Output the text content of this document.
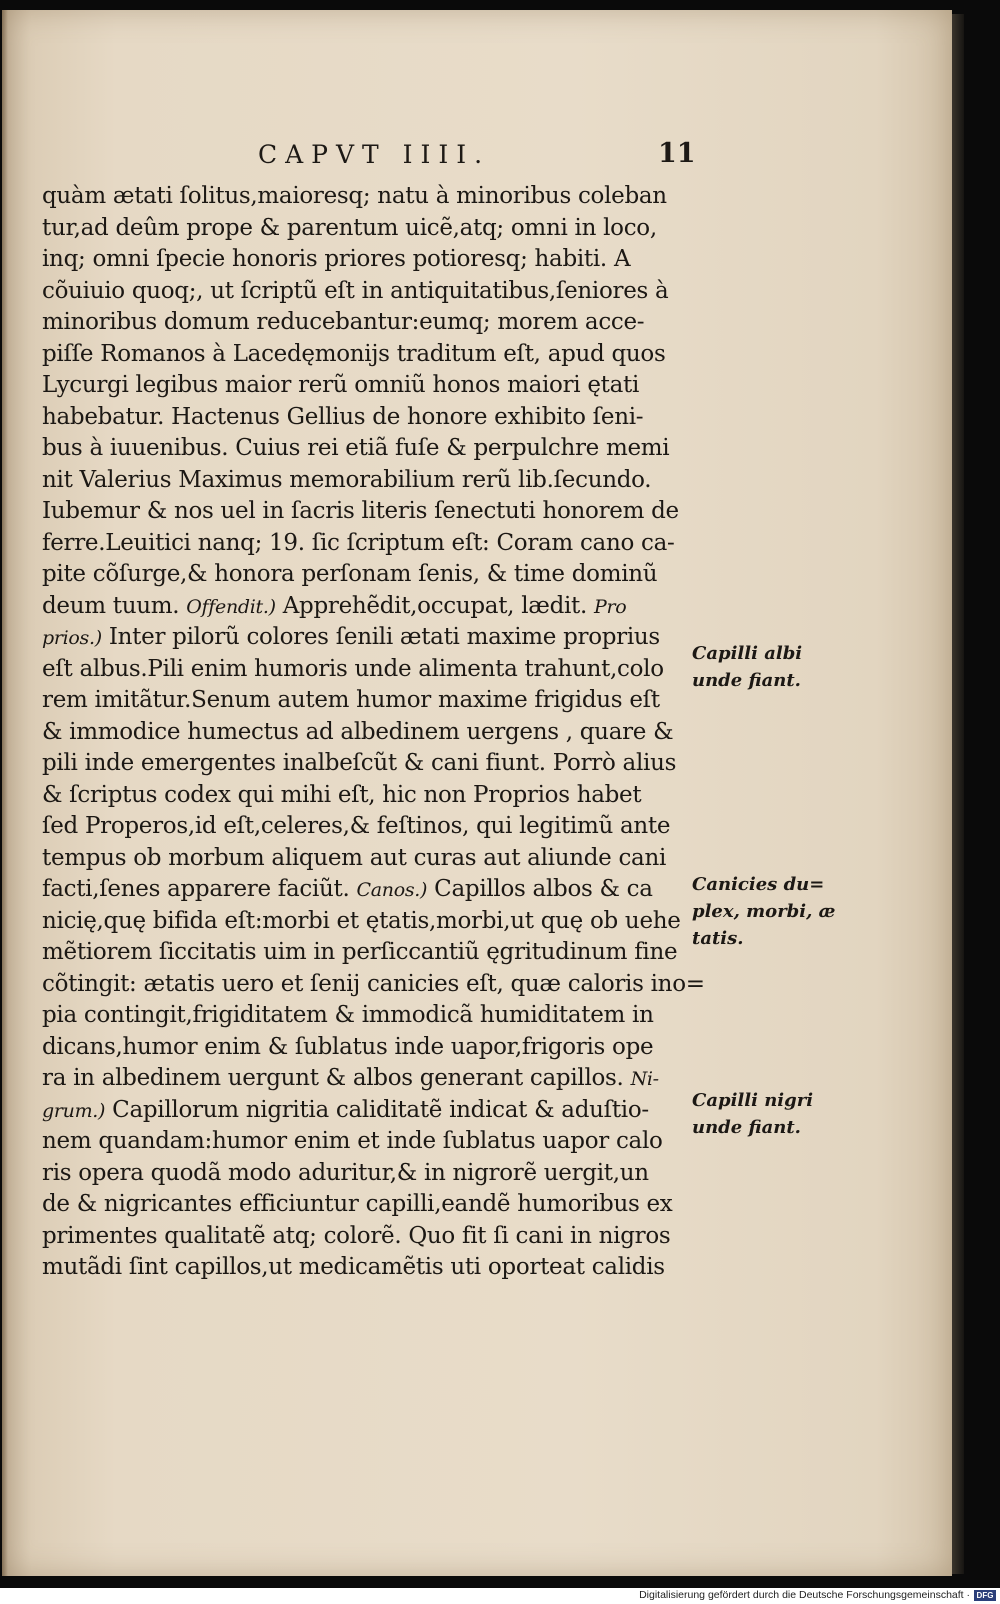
CAPVT IIII.	11
quàm ætati ſolitus,maioresq; natu à minoribus coleban
tur,ad deûm prope & parentum uicẽ,atq; omni in loco,
inq; omni ſpecie honoris priores potioresq; habiti. A
cõuiuio quoq;, ut ſcriptũ eſt in antiquitatibus,ſeniores à
minoribus domum reducebantur:eumq; morem acce-
piſſe Romanos à Lacedęmonijs traditum eſt, apud quos
Lycurgi legibus maior rerũ omniũ honos maiori ętati
habebatur. Hactenus Gellius de honore exhibito ſeni-
bus à iuuenibus. Cuius rei etiã fuſe & perpulchre memi
nit Valerius Maximus memorabilium rerũ lib.ſecundo.
Iubemur & nos uel in ſacris literis ſenectuti honorem de
ferre.Leuitici nanq; 19. ſic ſcriptum eſt: Coram cano ca-
pite cõſurge,& honora perſonam ſenis, & time dominũ
deum tuum. Offendit.) Apprehẽdit,occupat, lædit. Pro
prios.) Inter pilorũ colores ſenili ætati maxime proprius
eſt albus.Pili enim humoris unde alimenta trahunt,colo
rem imitãtur.Senum autem humor maxime frigidus eſt
& immodice humectus ad albedinem uergens , quare &
pili inde emergentes inalbeſcũt & cani fiunt. Porrò alius
& ſcriptus codex qui mihi eſt, hic non Proprios habet
ſed Properos,id eſt,celeres,& feſtinos, qui legitimũ ante
tempus ob morbum aliquem aut curas aut aliunde cani
facti,ſenes apparere faciũt. Canos.) Capillos albos & ca
nicię,quę bifida eſt:morbi et ętatis,morbi,ut quę ob uehe
mẽtiorem ſiccitatis uim in perſiccantiũ ęgritudinum fine
cõtingit: ætatis uero et ſenij canicies eſt, quæ caloris ino=
pia contingit,frigiditatem & immodicã humiditatem in
dicans,humor enim & ſublatus inde uapor,frigoris ope
ra in albedinem uergunt & albos generant capillos. Ni-
grum.) Capillorum nigritia caliditatẽ indicat & aduſtio-
nem quandam:humor enim et inde ſublatus uapor calo
ris opera quodã modo aduritur,& in nigrorẽ uergit,un
de & nigricantes efficiuntur capilli,eandẽ humoribus ex
primentes qualitatẽ atq; colorẽ. Quo fit ſi cani in nigros
mutãdi ſint capillos,ut medicamẽtis uti oporteat calidis
Capilli albi
unde fiant.
Canicies du=
plex, morbi, æ
tatis.
Capilli nigri
unde fiant.
Digitalisierung gefördert durch die Deutsche Forschungsgemeinschaft · DFG
